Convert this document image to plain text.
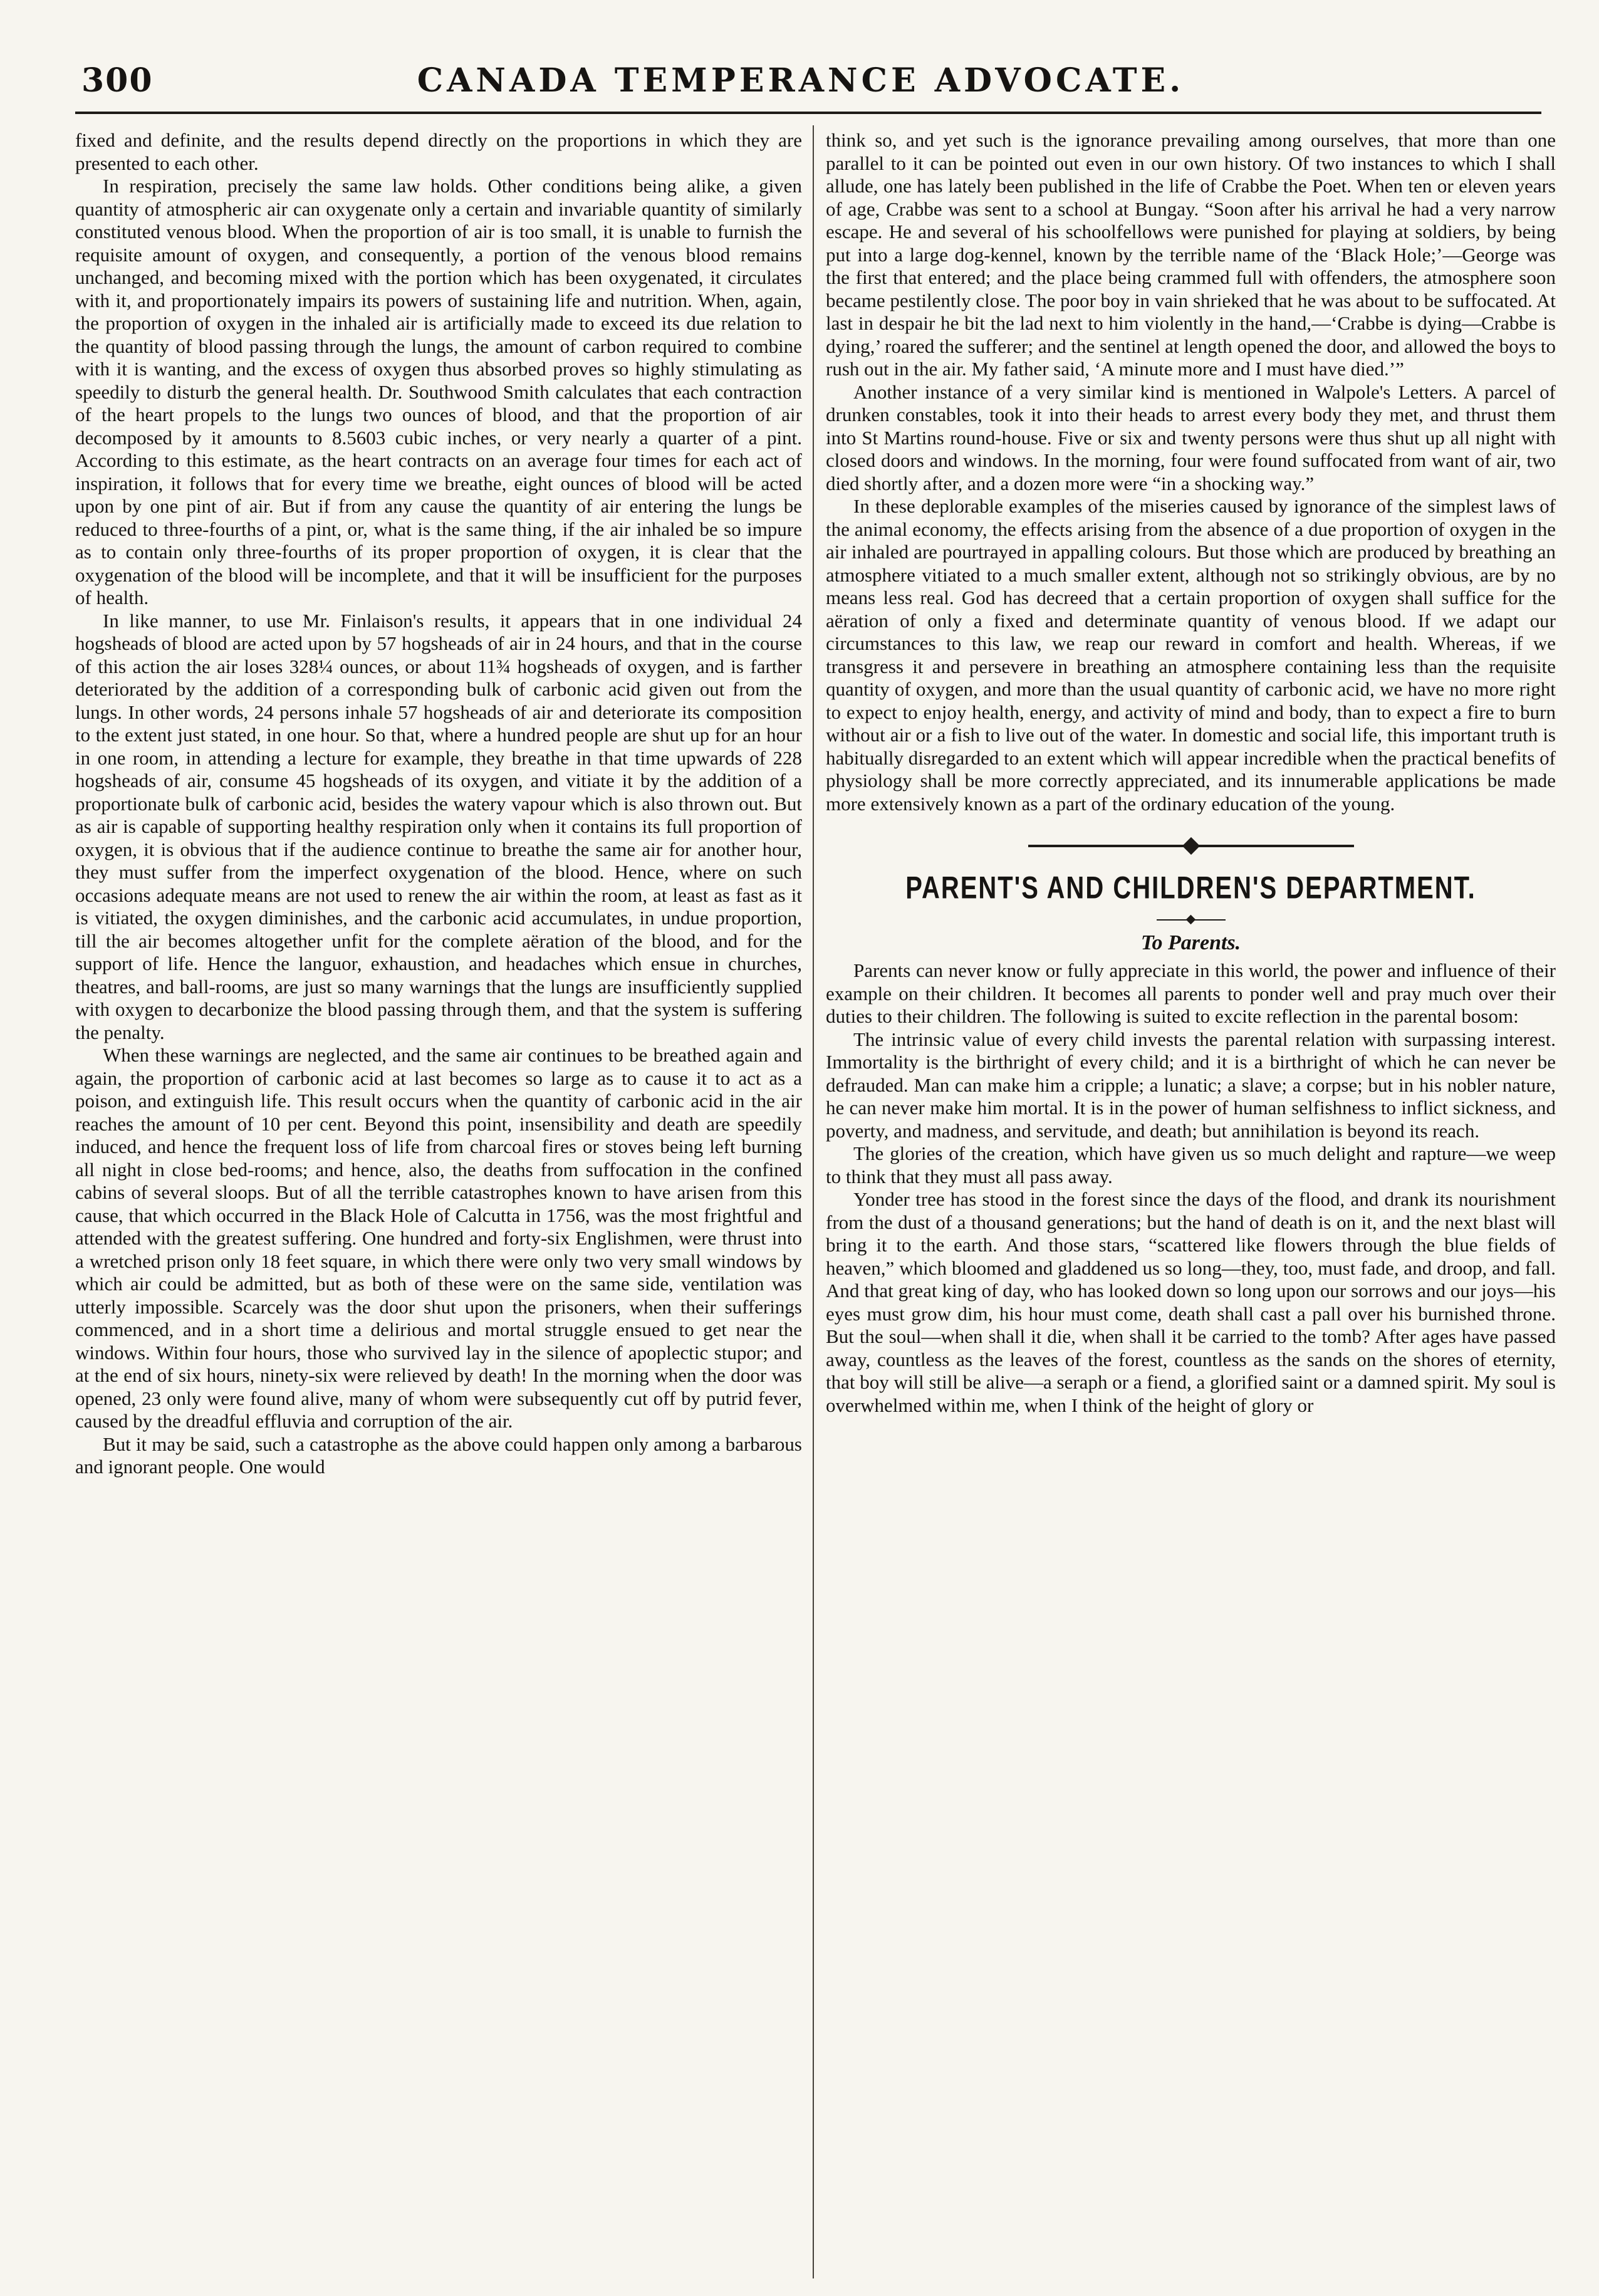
300	CANADA TEMPERANCE ADVOCATE.

fixed and definite, and the results depend directly on the proportions in which they are presented to each other.

In respiration, precisely the same law holds. Other conditions being alike, a given quantity of atmospheric air can oxygenate only a certain and invariable quantity of similarly constituted venous blood. When the proportion of air is too small, it is unable to furnish the requisite amount of oxygen, and consequently, a portion of the venous blood remains unchanged, and becoming mixed with the portion which has been oxygenated, it circulates with it, and proportionately impairs its powers of sustaining life and nutrition. When, again, the proportion of oxygen in the inhaled air is artificially made to exceed its due relation to the quantity of blood passing through the lungs, the amount of carbon required to combine with it is wanting, and the excess of oxygen thus absorbed proves so highly stimulating as speedily to disturb the general health. Dr. Southwood Smith calculates that each contraction of the heart propels to the lungs two ounces of blood, and that the proportion of air decomposed by it amounts to 8.5603 cubic inches, or very nearly a quarter of a pint. According to this estimate, as the heart contracts on an average four times for each act of inspiration, it follows that for every time we breathe, eight ounces of blood will be acted upon by one pint of air. But if from any cause the quantity of air entering the lungs be reduced to three-fourths of a pint, or, what is the same thing, if the air inhaled be so impure as to contain only three-fourths of its proper proportion of oxygen, it is clear that the oxygenation of the blood will be incomplete, and that it will be insufficient for the purposes of health.

In like manner, to use Mr. Finlaison's results, it appears that in one individual 24 hogsheads of blood are acted upon by 57 hogsheads of air in 24 hours, and that in the course of this action the air loses 328¼ ounces, or about 11¾ hogsheads of oxygen, and is farther deteriorated by the addition of a corresponding bulk of carbonic acid given out from the lungs. In other words, 24 persons inhale 57 hogsheads of air and deteriorate its composition to the extent just stated, in one hour. So that, where a hundred people are shut up for an hour in one room, in attending a lecture for example, they breathe in that time upwards of 228 hogsheads of air, consume 45 hogsheads of its oxygen, and vitiate it by the addition of a proportionate bulk of carbonic acid, besides the watery vapour which is also thrown out. But as air is capable of supporting healthy respiration only when it contains its full proportion of oxygen, it is obvious that if the audience continue to breathe the same air for another hour, they must suffer from the imperfect oxygenation of the blood. Hence, where on such occasions adequate means are not used to renew the air within the room, at least as fast as it is vitiated, the oxygen diminishes, and the carbonic acid accumulates, in undue proportion, till the air becomes altogether unfit for the complete aëration of the blood, and for the support of life. Hence the languor, exhaustion, and headaches which ensue in churches, theatres, and ball-rooms, are just so many warnings that the lungs are insufficiently supplied with oxygen to decarbonize the blood passing through them, and that the system is suffering the penalty.

When these warnings are neglected, and the same air continues to be breathed again and again, the proportion of carbonic acid at last becomes so large as to cause it to act as a poison, and extinguish life. This result occurs when the quantity of carbonic acid in the air reaches the amount of 10 per cent. Beyond this point, insensibility and death are speedily induced, and hence the frequent loss of life from charcoal fires or stoves being left burning all night in close bed-rooms; and hence, also, the deaths from suffocation in the confined cabins of several sloops. But of all the terrible catastrophes known to have arisen from this cause, that which occurred in the Black Hole of Calcutta in 1756, was the most frightful and attended with the greatest suffering. One hundred and forty-six Englishmen, were thrust into a wretched prison only 18 feet square, in which there were only two very small windows by which air could be admitted, but as both of these were on the same side, ventilation was utterly impossible. Scarcely was the door shut upon the prisoners, when their sufferings commenced, and in a short time a delirious and mortal struggle ensued to get near the windows. Within four hours, those who survived lay in the silence of apoplectic stupor; and at the end of six hours, ninety-six were relieved by death! In the morning when the door was opened, 23 only were found alive, many of whom were subsequently cut off by putrid fever, caused by the dreadful effluvia and corruption of the air.

But it may be said, such a catastrophe as the above could happen only among a barbarous and ignorant people. One would

think so, and yet such is the ignorance prevailing among ourselves, that more than one parallel to it can be pointed out even in our own history. Of two instances to which I shall allude, one has lately been published in the life of Crabbe the Poet. When ten or eleven years of age, Crabbe was sent to a school at Bungay. “Soon after his arrival he had a very narrow escape. He and several of his schoolfellows were punished for playing at soldiers, by being put into a large dog-kennel, known by the terrible name of the ‘Black Hole;’—George was the first that entered; and the place being crammed full with offenders, the atmosphere soon became pestilently close. The poor boy in vain shrieked that he was about to be suffocated. At last in despair he bit the lad next to him violently in the hand,—‘Crabbe is dying—Crabbe is dying,’ roared the sufferer; and the sentinel at length opened the door, and allowed the boys to rush out in the air. My father said, ‘A minute more and I must have died.’”

Another instance of a very similar kind is mentioned in Walpole's Letters. A parcel of drunken constables, took it into their heads to arrest every body they met, and thrust them into St Martins round-house. Five or six and twenty persons were thus shut up all night with closed doors and windows. In the morning, four were found suffocated from want of air, two died shortly after, and a dozen more were “in a shocking way.”

In these deplorable examples of the miseries caused by ignorance of the simplest laws of the animal economy, the effects arising from the absence of a due proportion of oxygen in the air inhaled are pourtrayed in appalling colours. But those which are produced by breathing an atmosphere vitiated to a much smaller extent, although not so strikingly obvious, are by no means less real. God has decreed that a certain proportion of oxygen shall suffice for the aëration of only a fixed and determinate quantity of venous blood. If we adapt our circumstances to this law, we reap our reward in comfort and health. Whereas, if we transgress it and persevere in breathing an atmosphere containing less than the requisite quantity of oxygen, and more than the usual quantity of carbonic acid, we have no more right to expect to enjoy health, energy, and activity of mind and body, than to expect a fire to burn without air or a fish to live out of the water. In domestic and social life, this important truth is habitually disregarded to an extent which will appear incredible when the practical benefits of physiology shall be more correctly appreciated, and its innumerable applications be made more extensively known as a part of the ordinary education of the young.

PARENT'S AND CHILDREN'S DEPARTMENT.
To Parents.

Parents can never know or fully appreciate in this world, the power and influence of their example on their children. It becomes all parents to ponder well and pray much over their duties to their children. The following is suited to excite reflection in the parental bosom:

The intrinsic value of every child invests the parental relation with surpassing interest. Immortality is the birthright of every child; and it is a birthright of which he can never be defrauded. Man can make him a cripple; a lunatic; a slave; a corpse; but in his nobler nature, he can never make him mortal. It is in the power of human selfishness to inflict sickness, and poverty, and madness, and servitude, and death; but annihilation is beyond its reach.

The glories of the creation, which have given us so much delight and rapture—we weep to think that they must all pass away.

Yonder tree has stood in the forest since the days of the flood, and drank its nourishment from the dust of a thousand generations; but the hand of death is on it, and the next blast will bring it to the earth. And those stars, “scattered like flowers through the blue fields of heaven,” which bloomed and gladdened us so long—they, too, must fade, and droop, and fall. And that great king of day, who has looked down so long upon our sorrows and our joys—his eyes must grow dim, his hour must come, death shall cast a pall over his burnished throne. But the soul—when shall it die, when shall it be carried to the tomb? After ages have passed away, countless as the leaves of the forest, countless as the sands on the shores of eternity, that boy will still be alive—a seraph or a fiend, a glorified saint or a damned spirit. My soul is overwhelmed within me, when I think of the height of glory or
